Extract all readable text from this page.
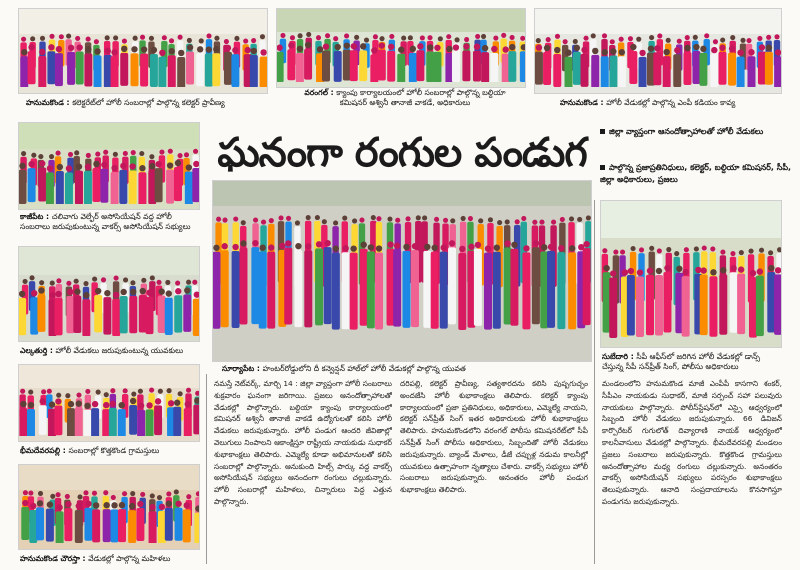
హనుమకొండ : కలెక్టరేట్‌లో హోలీ సంబరాల్లో పాల్గొన్న కలెక్టర్ ప్రావీణ్య
వరంగల్ : క్యాంపు కార్యాలయంలో హోలీ సంబరాల్లో పాల్గొన్న బల్దియా కమిషనర్ అశ్వినీ తానాజీ వాకడే, అధికారులు	హనుమకొండ : హోలీ వేడుకల్లో పాల్గొన్న ఎంపీ కడియం కావ్య
కాజీపేట : చలివాగు వెల్ఫేర్ అసోసియేషన్ వద్ద హోలీ సంబరాలు జరుపుకుంటున్న వాకర్స్ అసోసియేషన్ సభ్యులు
ఎల్కతుర్తి : హోలీ వేడుకలు జరుపుకుంటున్న యువకులు
భీమదేవరపల్లి : సంబరాల్లో కొత్తకొండ గ్రామస్తులు
హనుమకొండ చౌరస్తా : వేడుకల్లో పాల్గొన్న మహిళలు
సూర్యాపేట : హంటర్‌రోడ్డులోని దీ కన్వెన్షన్ హాల్‌లో హోలీ వేడుకల్లో పాల్గొన్న యువత
సుబేదారి : సీపీ ఆఫీస్‌లో జరిగిన హోలీ వేడుకల్లో డాన్స్ చేస్తున్న సీపీ సన్‌ప్రీత్ సింగ్, పోలీసు అధికారులు
ఘనంగా రంగుల పండుగ	జిల్లా వ్యాప్తంగా ఆనందోత్సాహాలతో హోలీ వేడుకలు
పాల్గొన్న ప్రజాప్రతినిధులు, కలెక్టర్, బల్దియా కమిషనర్, సీపీ, జిల్లా అధికారులు, ప్రజలు
నమస్తే నెట్‌వర్క్, మార్చి 14 : జిల్లా వ్యాప్తంగా హోలీ సంబరాలు శుక్రవారం ఘనంగా జరిగాయి. ప్రజలు ఆనందోత్సాహాలతో వేడుకల్లో పాల్గొన్నారు. బల్దియా క్యాంపు కార్యాలయంలో కమిషనర్ అశ్వినీ తానాజీ వాకడే ఉద్యోగులతో కలిసి హోలీ వేడుకలు జరుపుకున్నారు. హోలీ పండుగ ఆందరి జీవితాల్లో వెలుగులు నింపాలని ఆకాంక్షిస్తూ రాష్ట్రీయ నాయకుడు సుధాకర్ శుభాకాంక్షలు తెలిపారు. ఎమ్మెల్యే కూడా అభిమానులతో కలిసి సంబరాల్లో పాల్గొన్నారు. ఆనుకుంది హిల్స్ పార్కు వద్ద వాకర్స్ అసోసియేషన్ సభ్యులు ఆనందంగా రంగులు చల్లుకున్నారు. హోలీ సంబరాల్లో మహిళలు, చిన్నారులు పెద్ద ఎత్తున పాల్గొన్నారు.
దరిపల్లి, కలెక్టర్ ప్రావీణ్య, సత్యశారదను కలిసి పుష్పగుచ్ఛం అందజేసి హోలీ శుభాకాంక్షలు తెలిపారు. కలెక్టర్ క్యాంపు కార్యాలయంలో ప్రజా ప్రతినిధులు, అధికారులు, ఎమ్మెల్యే నాయని, కలెక్టర్ సన్‌ప్రీత్ సింగ్ ఇతర అధికారులకు హోలీ శుభాకాంక్షలు తెలిపారు. హనుమకొండలోని వరంగల్ పోలీసు కమిషనరేట్‌లో సీపీ సన్‌ప్రీత్ సింగ్ పోలీసు అధికారులు, సిబ్బందితో హోలీ వేడుకలు జరుపుకున్నారు. బ్యాండ్ మేళాలు, డీజే చప్పుళ్ల నడుమ కాలనీల్లో యువకులు ఉత్సాహంగా నృత్యాలు చేశారు. వాకర్స్ సభ్యులు హోలీ సంబరాలు జరుపుకున్నారు. ఆనంతరం హోలీ పండుగ శుభాకాంక్షలు తెలిపారు.
మండలంలోని హనుమకొండ మాజీ ఎంపీపీ కాసగాని శంకర్, సీపీఎం నాయకుడు సుధాకర్, మాజీ సర్పంచ్ సహా పలువురు నాయకులు పాల్గొన్నారు. పోలీస్‌స్టేషన్‌లో ఎస్సై ఆధ్వర్యంలో సిబ్బంది హోలీ వేడుకలు జరుపుకున్నారు. 66 డివిజన్ కార్పొరేటర్ గుగులోత్ దివ్యారాణి నాయక్ ఆధ్వర్యంలో కాలనీవాసులు వేడుకల్లో పాల్గొన్నారు. భీమదేవరపల్లి మండలం ప్రజలు సంబరాలు జరుపుకున్నారు. కొత్తకొండ గ్రామస్తులు ఆనందోత్సాహాల మధ్య రంగులు చల్లుకున్నారు. అనంతరం వాకర్స్ అసోసియేషన్ సభ్యులు పరస్పరం శుభాకాంక్షలు తెలుపుకున్నారు. ఆనాది సంప్రదాయాలను కొనసాగిస్తూ పండుగను జరుపుకున్నారు.
